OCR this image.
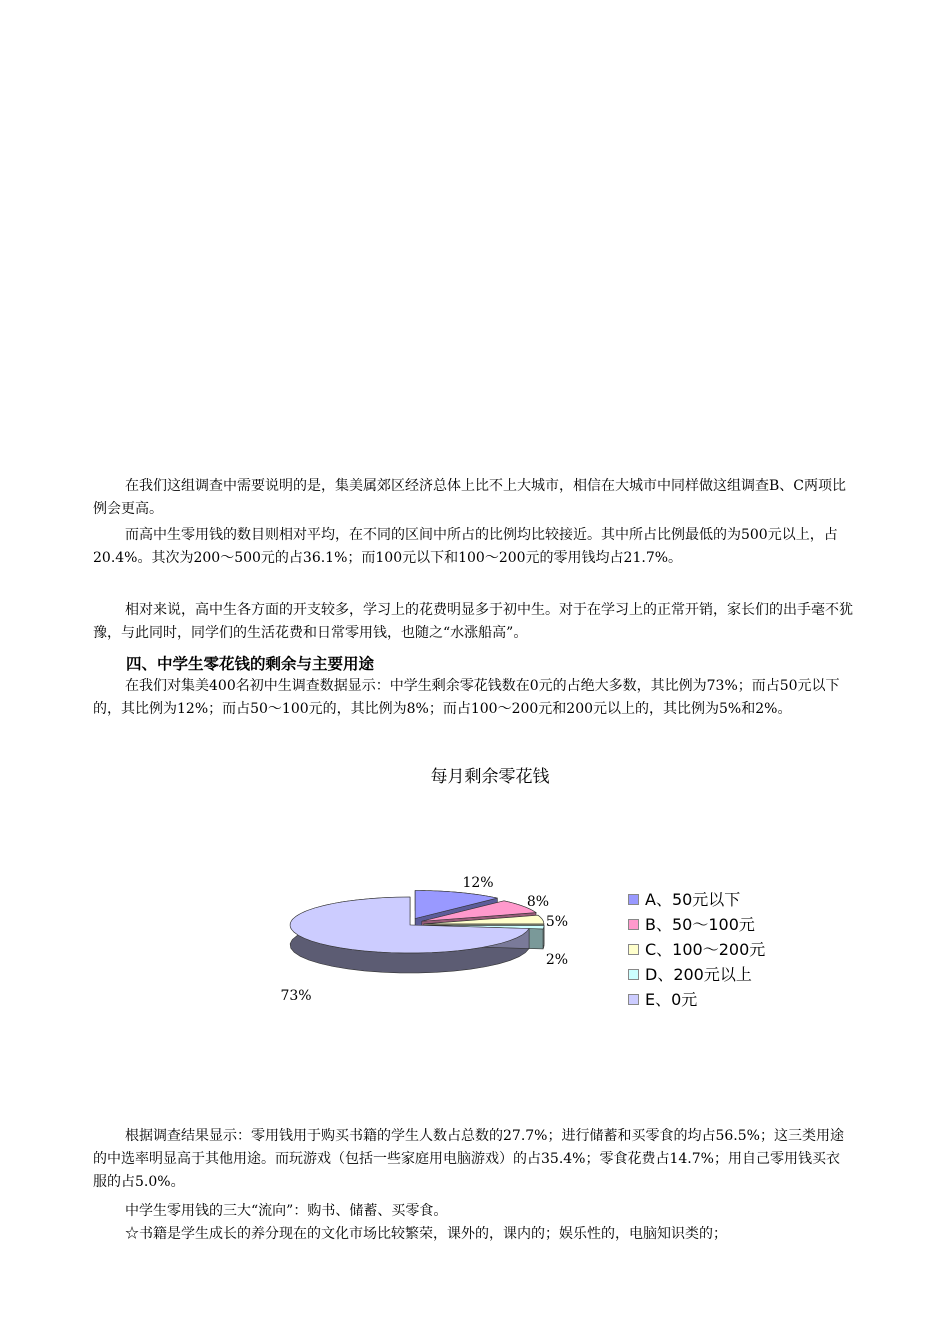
在我们这组调查中需要说明的是，集美属郊区经济总体上比不上大城市，相信在大城市中同样做这组调查B、C两项比例会更高。

而高中生零用钱的数目则相对平均，在不同的区间中所占的比例均比较接近。其中所占比例最低的为500元以上，占20.4%。其次为200～500元的占36.1%；而100元以下和100～200元的零用钱均占21.7%。

相对来说，高中生各方面的开支较多，学习上的花费明显多于初中生。对于在学习上的正常开销，家长们的出手毫不犹豫，与此同时，同学们的生活花费和日常零用钱，也随之“水涨船高”。

四、中学生零花钱的剩余与主要用途

在我们对集美400名初中生调查数据显示：中学生剩余零花钱数在0元的占绝大多数，其比例为73%；而占50元以下的，其比例为12%；而占50～100元的，其比例为8%；而占100～200元和200元以上的，其比例为5%和2%。

每月剩余零花钱
12%
8%
5%
2%
73%
A、50元以下
B、50～100元
C、100～200元
D、200元以上
E、0元

根据调查结果显示：零用钱用于购买书籍的学生人数占总数的27.7%；进行储蓄和买零食的均占56.5%；这三类用途的中选率明显高于其他用途。而玩游戏（包括一些家庭用电脑游戏）的占35.4%；零食花费占14.7%；用自己零用钱买衣服的占5.0%。

中学生零用钱的三大“流向”：购书、储蓄、买零食。

☆书籍是学生成长的养分现在的文化市场比较繁荣，课外的，课内的；娱乐性的，电脑知识类的；
